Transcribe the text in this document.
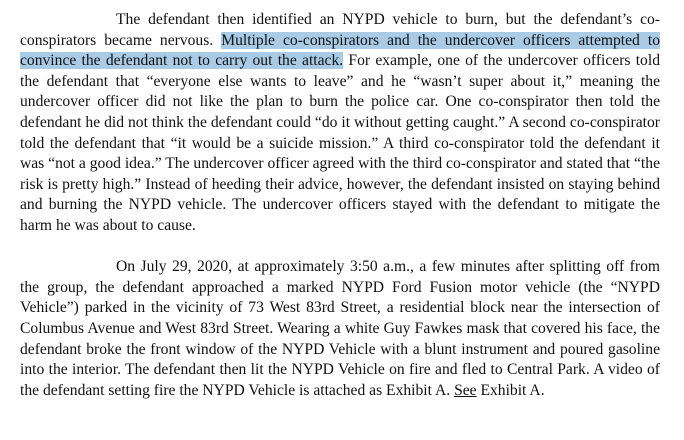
The defendant then identified an NYPD vehicle to burn, but the defendant’s co-conspirators became nervous. Multiple co-conspirators and the undercover officers attempted to convince the defendant not to carry out the attack. For example, one of the undercover officers told the defendant that “everyone else wants to leave” and he “wasn’t super about it,” meaning the undercover officer did not like the plan to burn the police car. One co-conspirator then told the defendant he did not think the defendant could “do it without getting caught.” A second co-conspirator told the defendant that “it would be a suicide mission.” A third co-conspirator told the defendant it was “not a good idea.” The undercover officer agreed with the third co-conspirator and stated that “the risk is pretty high.” Instead of heeding their advice, however, the defendant insisted on staying behind and burning the NYPD vehicle. The undercover officers stayed with the defendant to mitigate the harm he was about to cause.

On July 29, 2020, at approximately 3:50 a.m., a few minutes after splitting off from the group, the defendant approached a marked NYPD Ford Fusion motor vehicle (the “NYPD Vehicle”) parked in the vicinity of 73 West 83rd Street, a residential block near the intersection of Columbus Avenue and West 83rd Street. Wearing a white Guy Fawkes mask that covered his face, the defendant broke the front window of the NYPD Vehicle with a blunt instrument and poured gasoline into the interior. The defendant then lit the NYPD Vehicle on fire and fled to Central Park. A video of the defendant setting fire the NYPD Vehicle is attached as Exhibit A. See Exhibit A.
